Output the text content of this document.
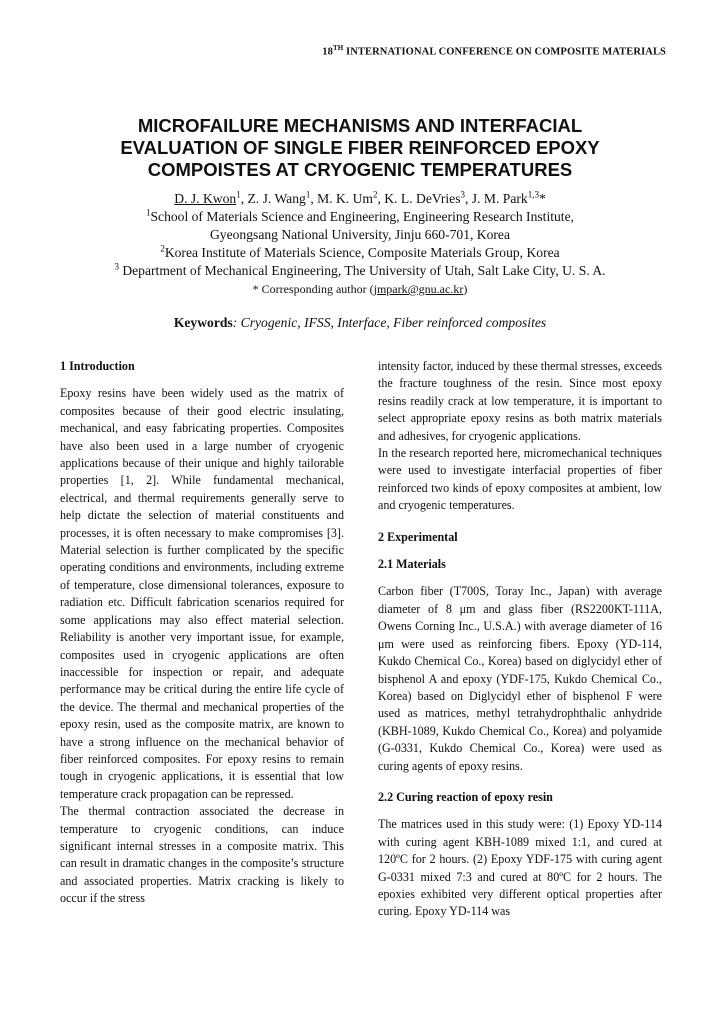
18TH INTERNATIONAL CONFERENCE ON COMPOSITE MATERIALS
MICROFAILURE MECHANISMS AND INTERFACIAL
EVALUATION OF SINGLE FIBER REINFORCED EPOXY
COMPOISTES AT CRYOGENIC TEMPERATURES
D. J. Kwon$^1$, Z. J. Wang$^1$, M. K. Um$^2$, K. L. DeVries$^3$, J. M. Park$^{1,3}$*
$^1$School of Materials Science and Engineering, Engineering Research Institute,
Gyeongsang National University, Jinju 660-701, Korea
$^2$Korea Institute of Materials Science, Composite Materials Group, Korea
$^3$ Department of Mechanical Engineering, The University of Utah, Salt Lake City, U. S. A.
* Corresponding author (jmpark@gnu.ac.kr)
Keywords: Cryogenic, IFSS, Interface, Fiber reinforced composites
1 Introduction

Epoxy resins have been widely used as the matrix of composites because of their good electric insulating, mechanical, and easy fabricating properties. Composites have also been used in a large number of cryogenic applications because of their unique and highly tailorable properties [1, 2]. While fundamental mechanical, electrical, and thermal requirements generally serve to help dictate the selection of material constituents and processes, it is often necessary to make compromises [3]. Material selection is further complicated by the specific operating conditions and environments, including extreme of temperature, close dimensional tolerances, exposure to radiation etc. Difficult fabrication scenarios required for some applications may also effect material selection. Reliability is another very important issue, for example, composites used in cryogenic applications are often inaccessible for inspection or repair, and adequate performance may be critical during the entire life cycle of the device. The thermal and mechanical properties of the epoxy resin, used as the composite matrix, are known to have a strong influence on the mechanical behavior of fiber reinforced composites. For epoxy resins to remain tough in cryogenic applications, it is essential that low temperature crack propagation can be repressed.

The thermal contraction associated the decrease in temperature to cryogenic conditions, can induce significant internal stresses in a composite matrix. This can result in dramatic changes in the composite’s structure and associated properties. Matrix cracking is likely to occur if the stress

intensity factor, induced by these thermal stresses, exceeds the fracture toughness of the resin. Since most epoxy resins readily crack at low temperature, it is important to select appropriate epoxy resins as both matrix materials and adhesives, for cryogenic applications.

In the research reported here, micromechanical techniques were used to investigate interfacial properties of fiber reinforced two kinds of epoxy composites at ambient, low and cryogenic temperatures.

2 Experimental
2.1 Materials

Carbon fiber (T700S, Toray Inc., Japan) with average diameter of 8 μm and glass fiber (RS2200KT-111A, Owens Corning Inc., U.S.A.) with average diameter of 16 μm were used as reinforcing fibers. Epoxy (YD-114, Kukdo Chemical Co., Korea) based on diglycidyl ether of bisphenol A and epoxy (YDF-175, Kukdo Chemical Co., Korea) based on Diglycidyl ether of bisphenol F were used as matrices, methyl tetrahydrophthalic anhydride (KBH-1089, Kukdo Chemical Co., Korea) and polyamide (G-0331, Kukdo Chemical Co., Korea) were used as curing agents of epoxy resins.

2.2 Curing reaction of epoxy resin

The matrices used in this study were: (1) Epoxy YD-114 with curing agent KBH-1089 mixed 1:1, and cured at 120ºC for 2 hours. (2) Epoxy YDF-175 with curing agent G-0331 mixed 7:3 and cured at 80ºC for 2 hours. The epoxies exhibited very different optical properties after curing. Epoxy YD-114 was
